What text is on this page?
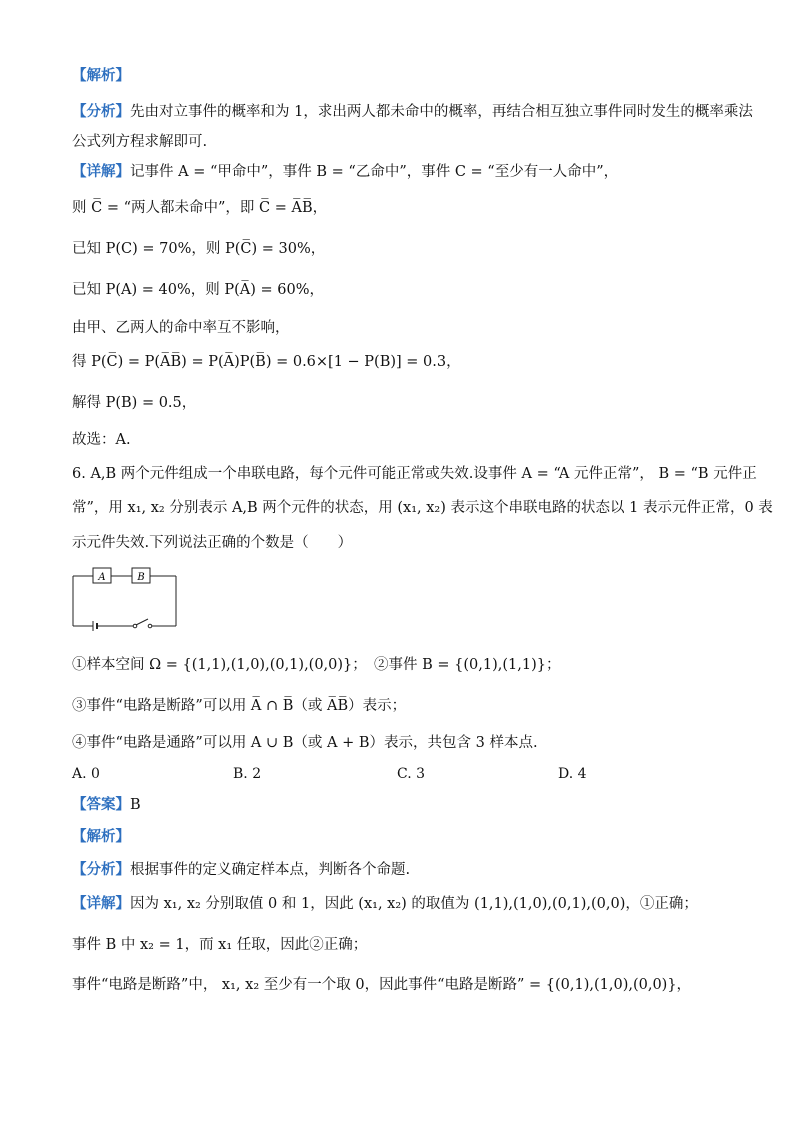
【解析】
【分析】先由对立事件的概率和为 1，求出两人都未命中的概率，再结合相互独立事件同时发生的概率乘法
公式列方程求解即可.
【详解】记事件 A = “甲命中”，事件 B = “乙命中”，事件 C = “至少有一人命中”，
则 C̅ = “两人都未命中”，即 C̅ = A̅B̅，
已知 P(C) = 70%，则 P(C̅) = 30%，
已知 P(A) = 40%，则 P(A̅) = 60%，
由甲、乙两人的命中率互不影响，
得 P(C̅) = P(A̅B̅) = P(A̅)P(B̅) = 0.6×[1 − P(B)] = 0.3，
解得 P(B) = 0.5，
故选：A.
6. A,B 两个元件组成一个串联电路，每个元件可能正常或失效.设事件 A = “A 元件正常”， B = “B 元件正
常”，用 x₁, x₂ 分别表示 A,B 两个元件的状态，用 (x₁, x₂) 表示这个串联电路的状态以 1 表示元件正常，0 表
示元件失效.下列说法正确的个数是（　　）
A	B
①样本空间 Ω = {(1,1),(1,0),(0,1),(0,0)}；　②事件 B = {(0,1),(1,1)}；
③事件“电路是断路”可以用 A̅ ∩ B̅（或 A̅B̅）表示；
④事件“电路是通路”可以用 A ∪ B（或 A + B）表示，共包含 3 样本点.
A. 0	B. 2	C. 3	D. 4
【答案】B
【解析】
【分析】根据事件的定义确定样本点，判断各个命题.
【详解】因为 x₁, x₂ 分别取值 0 和 1，因此 (x₁, x₂) 的取值为 (1,1),(1,0),(0,1),(0,0)，①正确；
事件 B 中 x₂ = 1，而 x₁ 任取，因此②正确；
事件“电路是断路”中， x₁, x₂ 至少有一个取 0，因此事件“电路是断路” = {(0,1),(1,0),(0,0)}，
